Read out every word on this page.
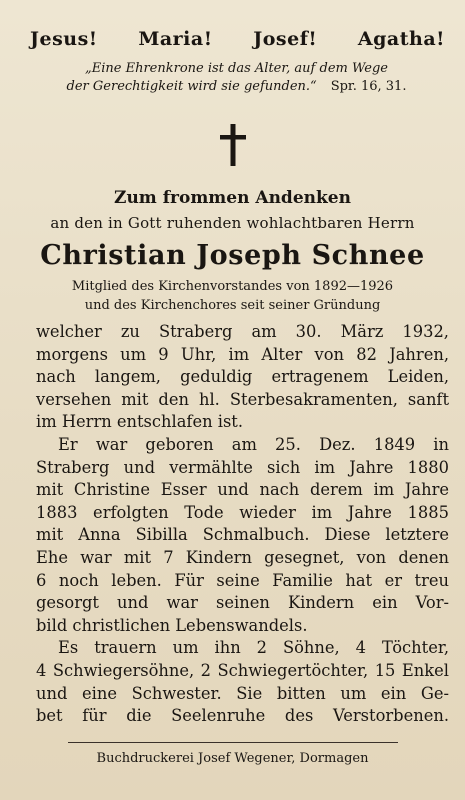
Jesus! Maria! Josef! Agatha!
„Eine Ehrenkrone ist das Alter, auf dem Wege
der Gerechtigkeit wird sie gefunden.“ Spr. 16, 31.
Zum frommen Andenken
an den in Gott ruhenden wohlachtbaren Herrn
Christian Joseph Schnee
Mitglied des Kirchenvorstandes von 1892—1926
und des Kirchenchores seit seiner Gründung

welcher zu Straberg am 30. März 1932,
morgens um 9 Uhr, im Alter von 82 Jahren,
nach langem, geduldig ertragenem Leiden,
versehen mit den hl. Sterbesakramenten, sanft
im Herrn entschlafen ist.

Er war geboren am 25. Dez. 1849 in
Straberg und vermählte sich im Jahre 1880
mit Christine Esser und nach derem im Jahre
1883 erfolgten Tode wieder im Jahre 1885
mit Anna Sibilla Schmalbuch. Diese letztere
Ehe war mit 7 Kindern gesegnet, von denen
6 noch leben. Für seine Familie hat er treu
gesorgt und war seinen Kindern ein Vor-
bild christlichen Lebenswandels.

Es trauern um ihn 2 Söhne, 4 Töchter,
4 Schwiegersöhne, 2 Schwiegertöchter, 15 Enkel
und eine Schwester. Sie bitten um ein Ge-
bet für die Seelenruhe des Verstorbenen.

Buchdruckerei Josef Wegener, Dormagen
